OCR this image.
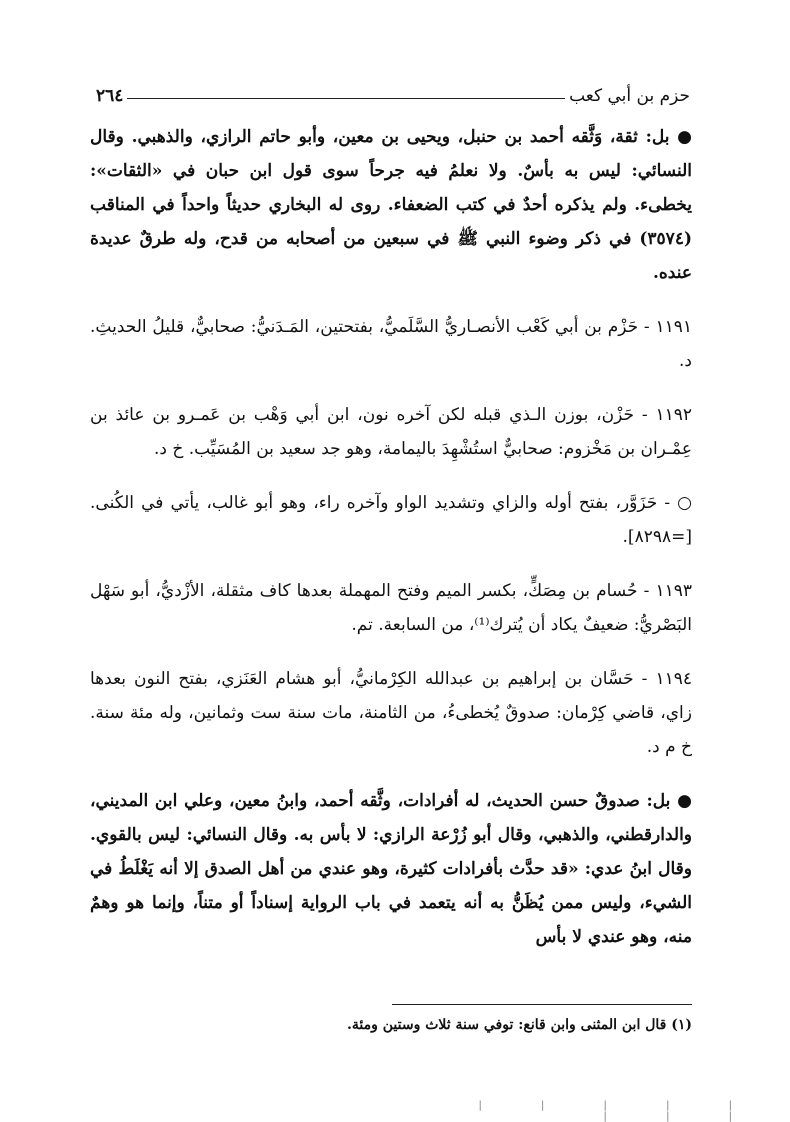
حزم بن أبي كعب
٢٦٤

● بل: ثقة، وَثَّقه أحمد بن حنبل، ويحيى بن معين، وأبو حاتم الرازي، والذهبي. وقال النسائي: ليس به بأسٌ. ولا نعلمُ فيه جرحاً سوى قول ابن حبان في «الثقات»: يخطىء. ولم يذكره أحدٌ في كتب الضعفاء. روى له البخاري حديثاً واحداً في المناقب (٣٥٧٤) في ذكر وضوء النبي ﷺ في سبعين من أصحابه من قدح، وله طرقٌ عديدة عنده.

١١٩١ - حَزْم بن أبي كَعْب الأنصـاريُّ السَّلَميُّ، بفتحتين، المَـدَنيُّ: صحابيٌّ، قليلُ الحديثِ. د.

١١٩٢ - حَزْن، بوزن الـذي قبله لكن آخره نون، ابن أبي وَهْب بن عَمـرو بن عائذ بن عِمْـران بن مَخْزوم: صحابيٌّ استُشْهِدَ باليمامة، وهو جد سعيد بن المُسَيِّب. خ د.

○ - حَزَوَّر، بفتح أوله والزاي وتشديد الواو وآخره راء، وهو أبو غالب، يأتي في الكُنى. [=٨٢٩٨].

١١٩٣ - حُسام بن مِصَكٍّ، بكسر الميم وفتح المهملة بعدها كاف مثقلة، الأزْديُّ، أبو سَهْل البَصْريُّ: ضعيفٌ يكاد أن يُترك⁽¹⁾، من السابعة. تم.

١١٩٤ - حَسَّان بن إبراهيم بن عبدالله الكِرْمانيُّ، أبو هشام العَنَزي، بفتح النون بعدها زاي، قاضي كِرْمان: صدوقٌ يُخطىءُ، من الثامنة، مات سنة ست وثمانين، وله مئة سنة. خ م د.

● بل: صدوقٌ حسن الحديث، له أفرادات، وثَّقه أحمد، وابنُ معين، وعلي ابن المديني، والدارقطني، والذهبي، وقال أبو زُرْعة الرازي: لا بأس به. وقال النسائي: ليس بالقوي. وقال ابنُ عدي: «قد حدَّث بأفرادات كثيرة، وهو عندي من أهل الصدق إلا أنه يَغْلَطُ في الشيء، وليس ممن يُظَنُّ به أنه يتعمد في باب الرواية إسناداً أو متناً، وإنما هو وهمٌ منه، وهو عندي لا بأس

(١) قال ابن المثنى وابن قانع: توفي سنة ثلاث وستين ومئة.
| | | | | | | |
